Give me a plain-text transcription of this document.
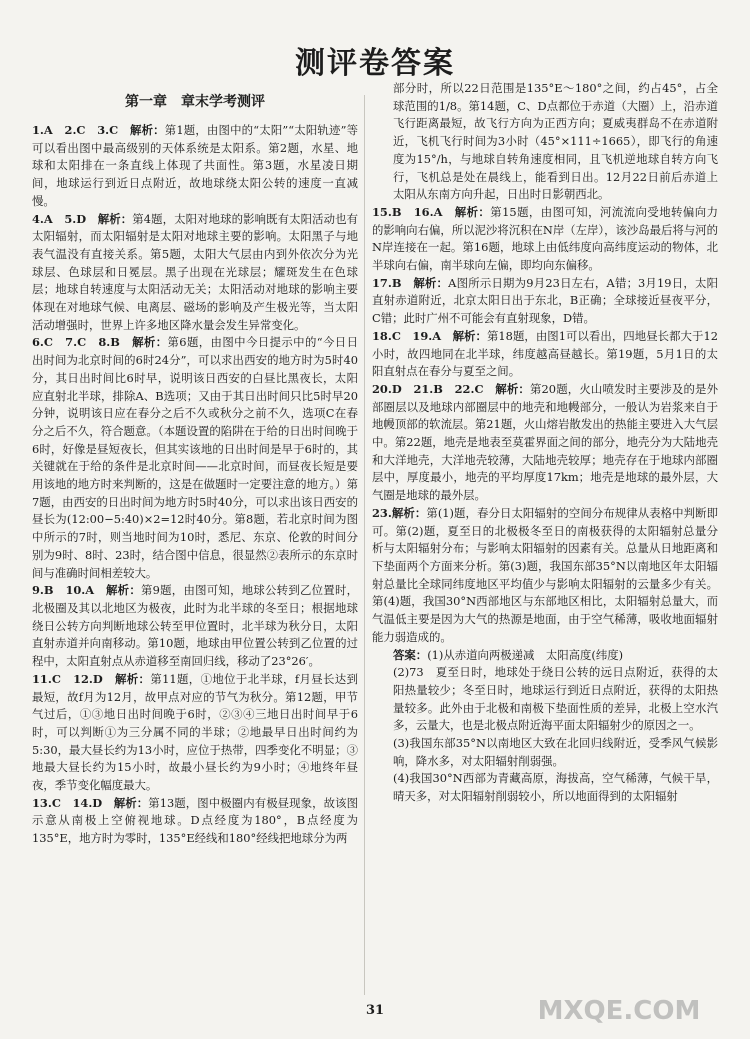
测评卷答案
第一章　章末学考测评

1.A　2.C　3.C　 解析：第1题，由图中的“太阳”“太阳轨迹”等可以看出图中最高级别的天体系统是太阳系。第2题，水星、地球和太阳排在一条直线上体现了共面性。第3题，水星凌日期间，地球运行到近日点附近，故地球绕太阳公转的速度一直减慢。

4.A　5.D　 解析：第4题，太阳对地球的影响既有太阳活动也有太阳辐射，而太阳辐射是太阳对地球主要的影响。太阳黑子与地表气温没有直接关系。第5题，太阳大气层由内到外依次分为光球层、色球层和日冕层。黑子出现在光球层；耀斑发生在色球层；地球自转速度与太阳活动无关；太阳活动对地球的影响主要体现在对地球气候、电离层、磁场的影响及产生极光等，当太阳活动增强时，世界上许多地区降水量会发生异常变化。

6.C　7.C　8.B　 解析：第6题，由图中今日提示中的“今日日出时间为北京时间的6时24分”，可以求出西安的地方时为5时40分，其日出时间比6时早，说明该日西安的白昼比黑夜长，太阳应直射北半球，排除A、B选项；又由于其日出时间只比5时早20分钟，说明该日应在春分之后不久或秋分之前不久，选项C在春分之后不久，符合题意。（本题设置的陷阱在于给的日出时间晚于6时，好像是昼短夜长，但其实该地的日出时间是早于6时的，其关键就在于给的条件是北京时间——北京时间，而昼夜长短是要用该地的地方时来判断的，这是在做题时一定要注意的地方。）第7题，由西安的日出时间为地方时5时40分，可以求出该日西安的昼长为(12:00−5:40)×2=12时40分。第8题，若北京时间为图中所示的7时，则当地时间为10时，悉尼、东京、伦敦的时间分别为9时、8时、23时，结合图中信息，很显然②表所示的东京时间与准确时间相差较大。

9.B　10.A　 解析：第9题，由图可知，地球公转到乙位置时，北极圈及其以北地区为极夜，此时为北半球的冬至日；根据地球绕日公转方向判断地球公转至甲位置时，北半球为秋分日，太阳直射赤道并向南移动。第10题，地球由甲位置公转到乙位置的过程中，太阳直射点从赤道移至南回归线，移动了23°26′。

11.C　12.D　 解析：第11题，①地位于北半球，f月昼长达到最短，故f月为12月，故甲点对应的节气为秋分。第12题，甲节气过后，①③地日出时间晚于6时，②③④三地日出时间早于6时，可以判断①为三分属不同的半球；②地最早日出时间约为5:30，最大昼长约为13小时，应位于热带，四季变化不明显；③地最大昼长约为15小时，故最小昼长约为9小时；④地终年昼夜，季节变化幅度最大。

13.C　14.D　 解析：第13题，图中极圈内有极昼现象，故该图示意从南极上空俯视地球。D点经度为180°，B点经度为135°E，地方时为零时，135°E经线和180°经线把地球分为两

部分时，所以22日范围是135°E～180°之间，约占45°，占全球范围的1/8。第14题，C、D点都位于赤道（大圈）上，沿赤道飞行距离最短，故飞行方向为正西方向；夏威夷群岛不在赤道附近，飞机飞行时间为3小时（45°×111÷1665），即飞行的角速度为15°/h，与地球自转角速度相同，且飞机逆地球自转方向飞行，飞机总是处在晨线上，能看到日出。12月22日前后赤道上太阳从东南方向升起，日出时日影朝西北。

15.B　16.A　 解析：第15题，由图可知，河流流向受地转偏向力的影响向右偏，所以泥沙将沉积在N岸（左岸），该沙岛最后将与河的N岸连接在一起。第16题，地球上由低纬度向高纬度运动的物体，北半球向右偏，南半球向左偏，即均向东偏移。

17.B　 解析：A图所示日期为9月23日左右，A错；3月19日，太阳直射赤道附近，北京太阳日出于东北，B正确；全球接近昼夜平分，C错；此时广州不可能会有直射现象，D错。

18.C　19.A　 解析：第18题，由图1可以看出，四地昼长都大于12小时，故四地同在北半球，纬度越高昼越长。第19题，5月1日的太阳直射点在春分与夏至之间。

20.D　21.B　22.C　 解析：第20题，火山喷发时主要涉及的是外部圈层以及地球内部圈层中的地壳和地幔部分，一般认为岩浆来自于地幔顶部的软流层。第21题，火山熔岩散发出的热能主要进入大气层中。第22题，地壳是地表至莫霍界面之间的部分，地壳分为大陆地壳和大洋地壳，大洋地壳较薄，大陆地壳较厚；地壳存在于地球内部圈层中，厚度最小，地壳的平均厚度17km；地壳是地球的最外层，大气圈是地球的最外层。

23.解析：第(1)题，春分日太阳辐射的空间分布规律从表格中判断即可。第(2)题，夏至日的北极极冬至日的南极获得的太阳辐射总量分析与太阳辐射分布；与影响太阳辐射的因素有关。总量从日地距离和下垫面两个方面来分析。第(3)题，我国东部35°N以南地区年太阳辐射总量比全球同纬度地区平均值少与影响太阳辐射的云量多少有关。第(4)题，我国30°N西部地区与东部地区相比，太阳辐射总量大，而气温低主要是因为大气的热源是地面，由于空气稀薄，吸收地面辐射能力弱造成的。

答案：(1)从赤道向两极递减　太阳高度(纬度)

(2)73　夏至日时，地球处于绕日公转的远日点附近，获得的太阳热量较少；冬至日时，地球运行到近日点附近，获得的太阳热量较多。此外由于北极和南极下垫面性质的差异，北极上空水汽多，云量大，也是北极点附近海平面太阳辐射少的原因之一。

(3)我国东部35°N以南地区大致在北回归线附近，受季风气候影响，降水多，对太阳辐射削弱强。

(4)我国30°N西部为青藏高原，海拔高，空气稀薄，气候干旱，晴天多，对太阳辐射削弱较小，所以地面得到的太阳辐射

31	MXQE.COM
